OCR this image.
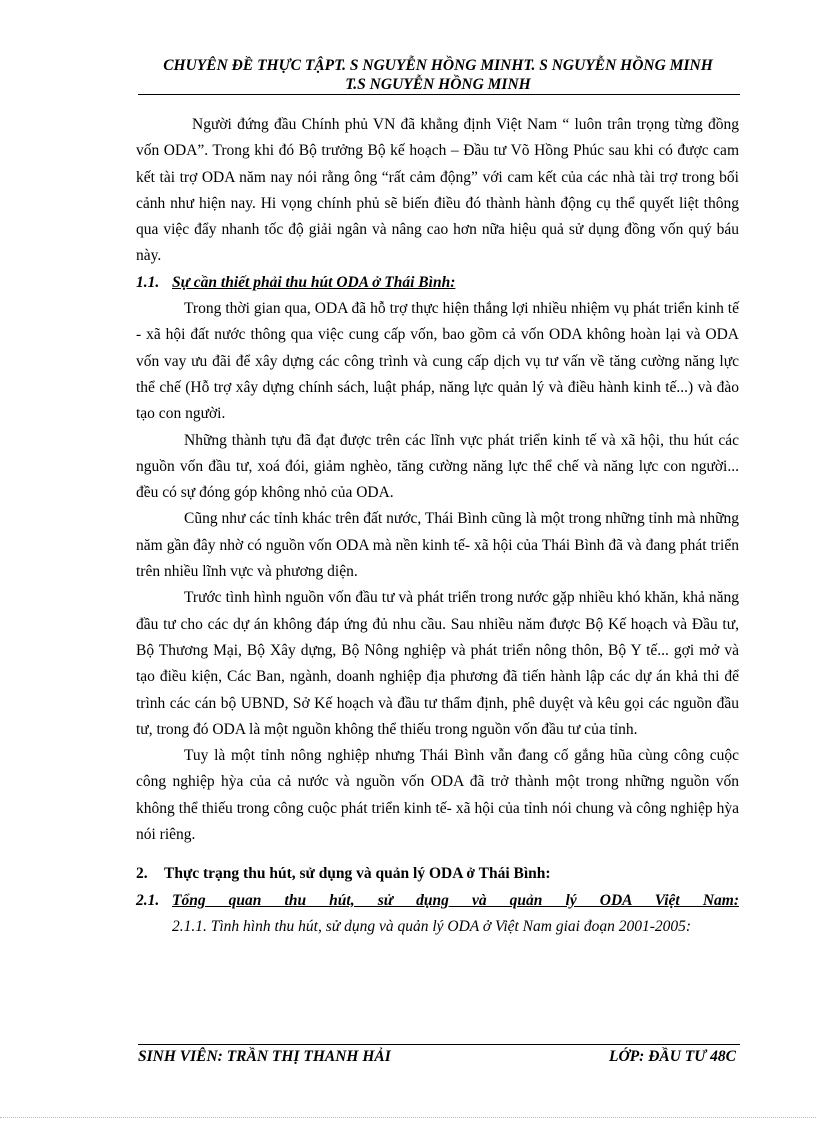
CHUYÊN ĐỀ THỰC TẬPT. S NGUYỄN HỒNG MINHT. S NGUYỄN HỒNG MINH
T.S NGUYỄN HỒNG MINH

Người đứng đầu Chính phủ VN đã khẳng định Việt Nam “ luôn trân trọng từng đồng vốn ODA”. Trong khi đó Bộ trưởng Bộ kế hoạch – Đầu tư Võ Hồng Phúc sau khi có được cam kết tài trợ ODA năm nay nói rằng ông “rất cảm động” với cam kết của các nhà tài trợ trong bối cảnh như hiện nay. Hi vọng chính phủ sẽ biến điều đó thành hành động cụ thể quyết liệt thông qua việc đẩy nhanh tốc độ giải ngân và nâng cao hơn nữa hiệu quả sử dụng đồng vốn quý báu này.

1.1. Sự cần thiết phải thu hút ODA ở Thái Bình:

Trong thời gian qua, ODA đã hỗ trợ thực hiện thắng lợi nhiều nhiệm vụ phát triển kinh tế - xã hội đất nước thông qua việc cung cấp vốn, bao gồm cả vốn ODA không hoàn lại và ODA vốn vay ưu đãi để xây dựng các công trình và cung cấp dịch vụ tư vấn về tăng cường năng lực thể chế (Hỗ trợ xây dựng chính sách, luật pháp, năng lực quản lý và điều hành kinh tế...) và đào tạo con người.

Những thành tựu đã đạt được trên các lĩnh vực phát triển kinh tế và xã hội, thu hút các nguồn vốn đầu tư, xoá đói, giảm nghèo, tăng cường năng lực thể chế và năng lực con người... đều có sự đóng góp không nhỏ của ODA.

Cũng như các tỉnh khác trên đất nước, Thái Bình cũng là một trong những tỉnh mà những năm gần đây nhờ có nguồn vốn ODA mà nền kinh tế- xã hội của Thái Bình đã và đang phát triển trên nhiều lĩnh vực và phương diện.

Trước tình hình nguồn vốn đầu tư và phát triển trong nước gặp nhiều khó khăn, khả năng đầu tư cho các dự án không đáp ứng đủ nhu cầu. Sau nhiều năm được Bộ Kế hoạch và Đầu tư, Bộ Thương Mại, Bộ Xây dựng, Bộ Nông nghiệp và phát triển nông thôn, Bộ Y tế... gợi mở và tạo điều kiện, Các Ban, ngành, doanh nghiệp địa phương đã tiến hành lập các dự án khả thi để trình các cán bộ UBND, Sở Kế hoạch và đầu tư thẩm định, phê duyệt và kêu gọi các nguồn đầu tư, trong đó ODA là một nguồn không thể thiếu trong nguồn vốn đầu tư của tỉnh.

Tuy là một tỉnh nông nghiệp nhưng Thái Bình vẫn đang cố gắng hũa cùng công cuộc công nghiệp hỳa của cả nước và nguồn vốn ODA đã trở thành một trong những nguồn vốn không thể thiếu trong công cuộc phát triển kinh tế- xã hội của tỉnh nói chung và công nghiệp hỳa nói riêng.

2. Thực trạng thu hút, sử dụng và quản lý ODA ở Thái Bình:

2.1. Tổng quan thu hút, sử dụng và quản lý ODA Việt Nam:

2.1.1. Tình hình thu hút, sử dụng và quản lý ODA ở Việt Nam giai đoạn 2001-2005:

SINH VIÊN: TRẦN THỊ THANH HẢI	LỚP: ĐẦU TƯ 48C
